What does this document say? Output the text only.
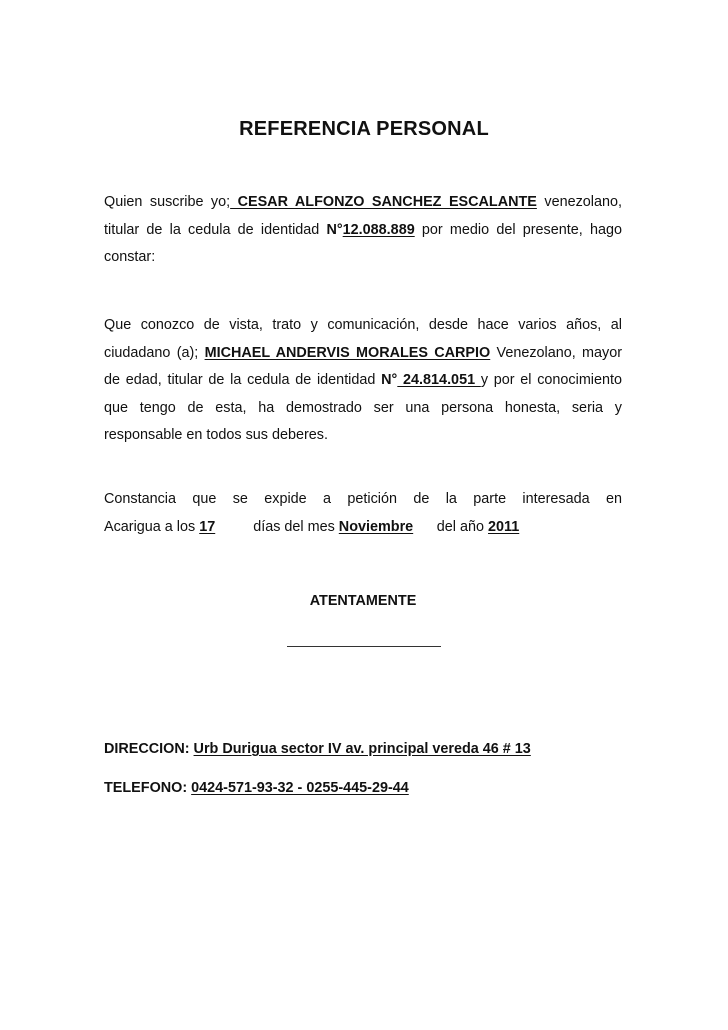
REFERENCIA PERSONAL
Quien suscribe yo; CESAR ALFONZO SANCHEZ ESCALANTE venezolano,
titular de la cedula de identidad N°12.088.889 por medio del presente, hago
constar:
Que conozco de vista, trato y comunicación, desde hace varios años, al
ciudadano (a); MICHAEL ANDERVIS MORALES CARPIO Venezolano, mayor
de edad, titular de la cedula de identidad N° 24.814.051 y por el conocimiento
que tengo de esta, ha demostrado ser una persona honesta, seria y
responsable en todos sus deberes.
Constancia que se expide a petición de la parte interesada en
Acarigua a los 17	días del mes Noviembre del año 2011
ATENTAMENTE
DIRECCION: Urb Durigua sector IV av. principal vereda 46 # 13
TELEFONO: 0424-571-93-32 - 0255-445-29-44
